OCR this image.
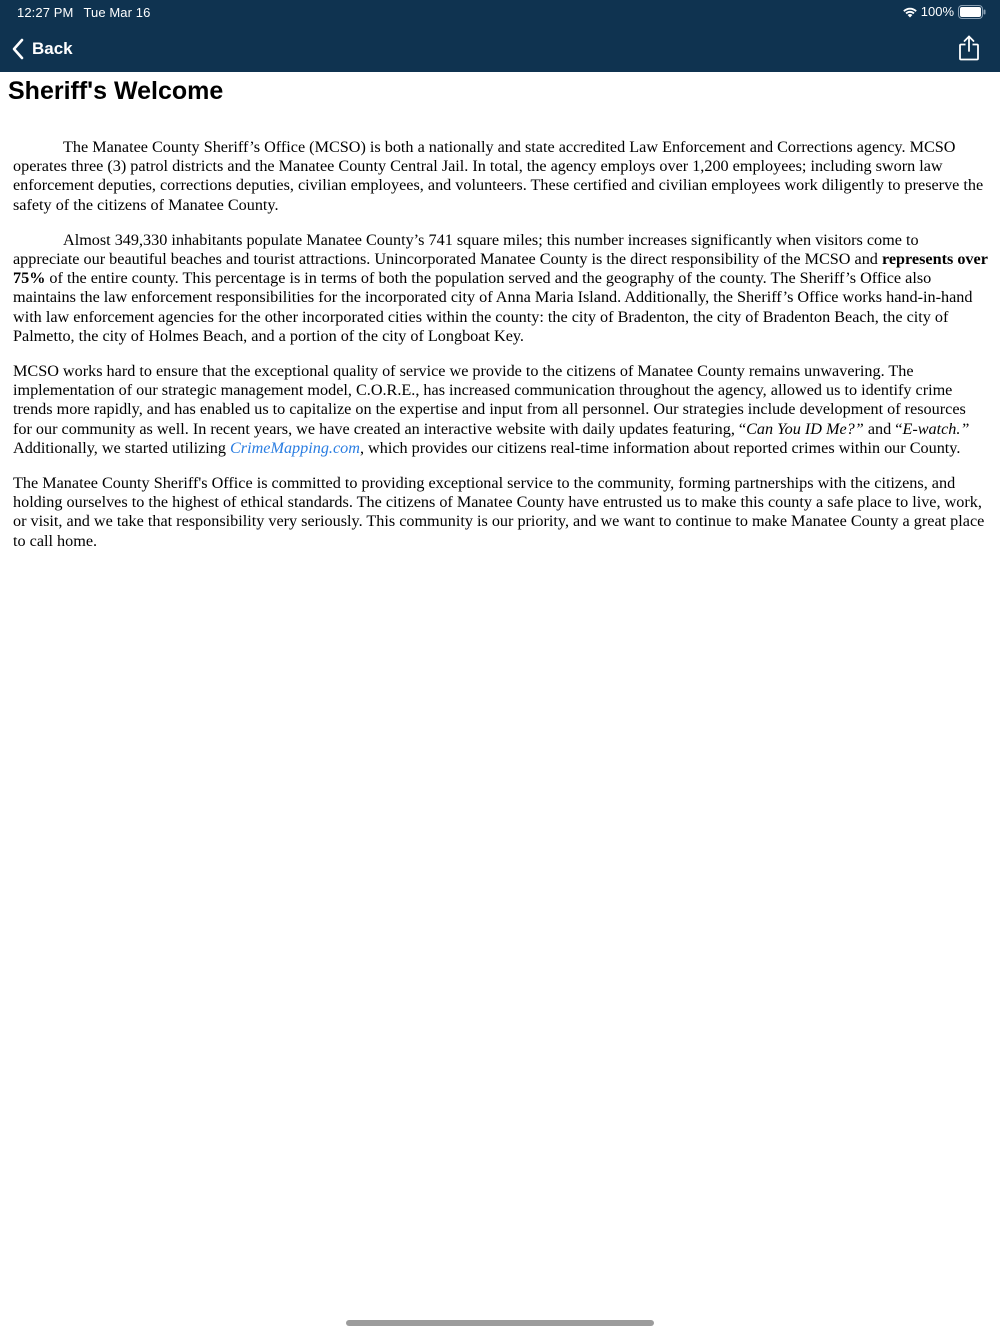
12:27 PM Tue Mar 16	100%
Back
Sheriff's Welcome

The Manatee County Sheriff’s Office (MCSO) is both a nationally and state accredited Law Enforcement and Corrections agency. MCSO operates three (3) patrol districts and the Manatee County Central Jail. In total, the agency employs over 1,200 employees; including sworn law enforcement deputies, corrections deputies, civilian employees, and volunteers. These certified and civilian employees work diligently to preserve the safety of the citizens of Manatee County.

Almost 349,330 inhabitants populate Manatee County’s 741 square miles; this number increases significantly when visitors come to appreciate our beautiful beaches and tourist attractions. Unincorporated Manatee County is the direct responsibility of the MCSO and represents over 75% of the entire county. This percentage is in terms of both the population served and the geography of the county. The Sheriff’s Office also maintains the law enforcement responsibilities for the incorporated city of Anna Maria Island. Additionally, the Sheriff’s Office works hand-in-hand with law enforcement agencies for the other incorporated cities within the county: the city of Bradenton, the city of Bradenton Beach, the city of Palmetto, the city of Holmes Beach, and a portion of the city of Longboat Key.

MCSO works hard to ensure that the exceptional quality of service we provide to the citizens of Manatee County remains unwavering. The implementation of our strategic management model, C.O.R.E., has increased communication throughout the agency, allowed us to identify crime trends more rapidly, and has enabled us to capitalize on the expertise and input from all personnel. Our strategies include development of resources for our community as well. In recent years, we have created an interactive website with daily updates featuring, “Can You ID Me?” and “E-watch.” Additionally, we started utilizing CrimeMapping.com, which provides our citizens real-time information about reported crimes within our County.

The Manatee County Sheriff's Office is committed to providing exceptional service to the community, forming partnerships with the citizens, and holding ourselves to the highest of ethical standards. The citizens of Manatee County have entrusted us to make this county a safe place to live, work, or visit, and we take that responsibility very seriously. This community is our priority, and we want to continue to make Manatee County a great place to call home.
